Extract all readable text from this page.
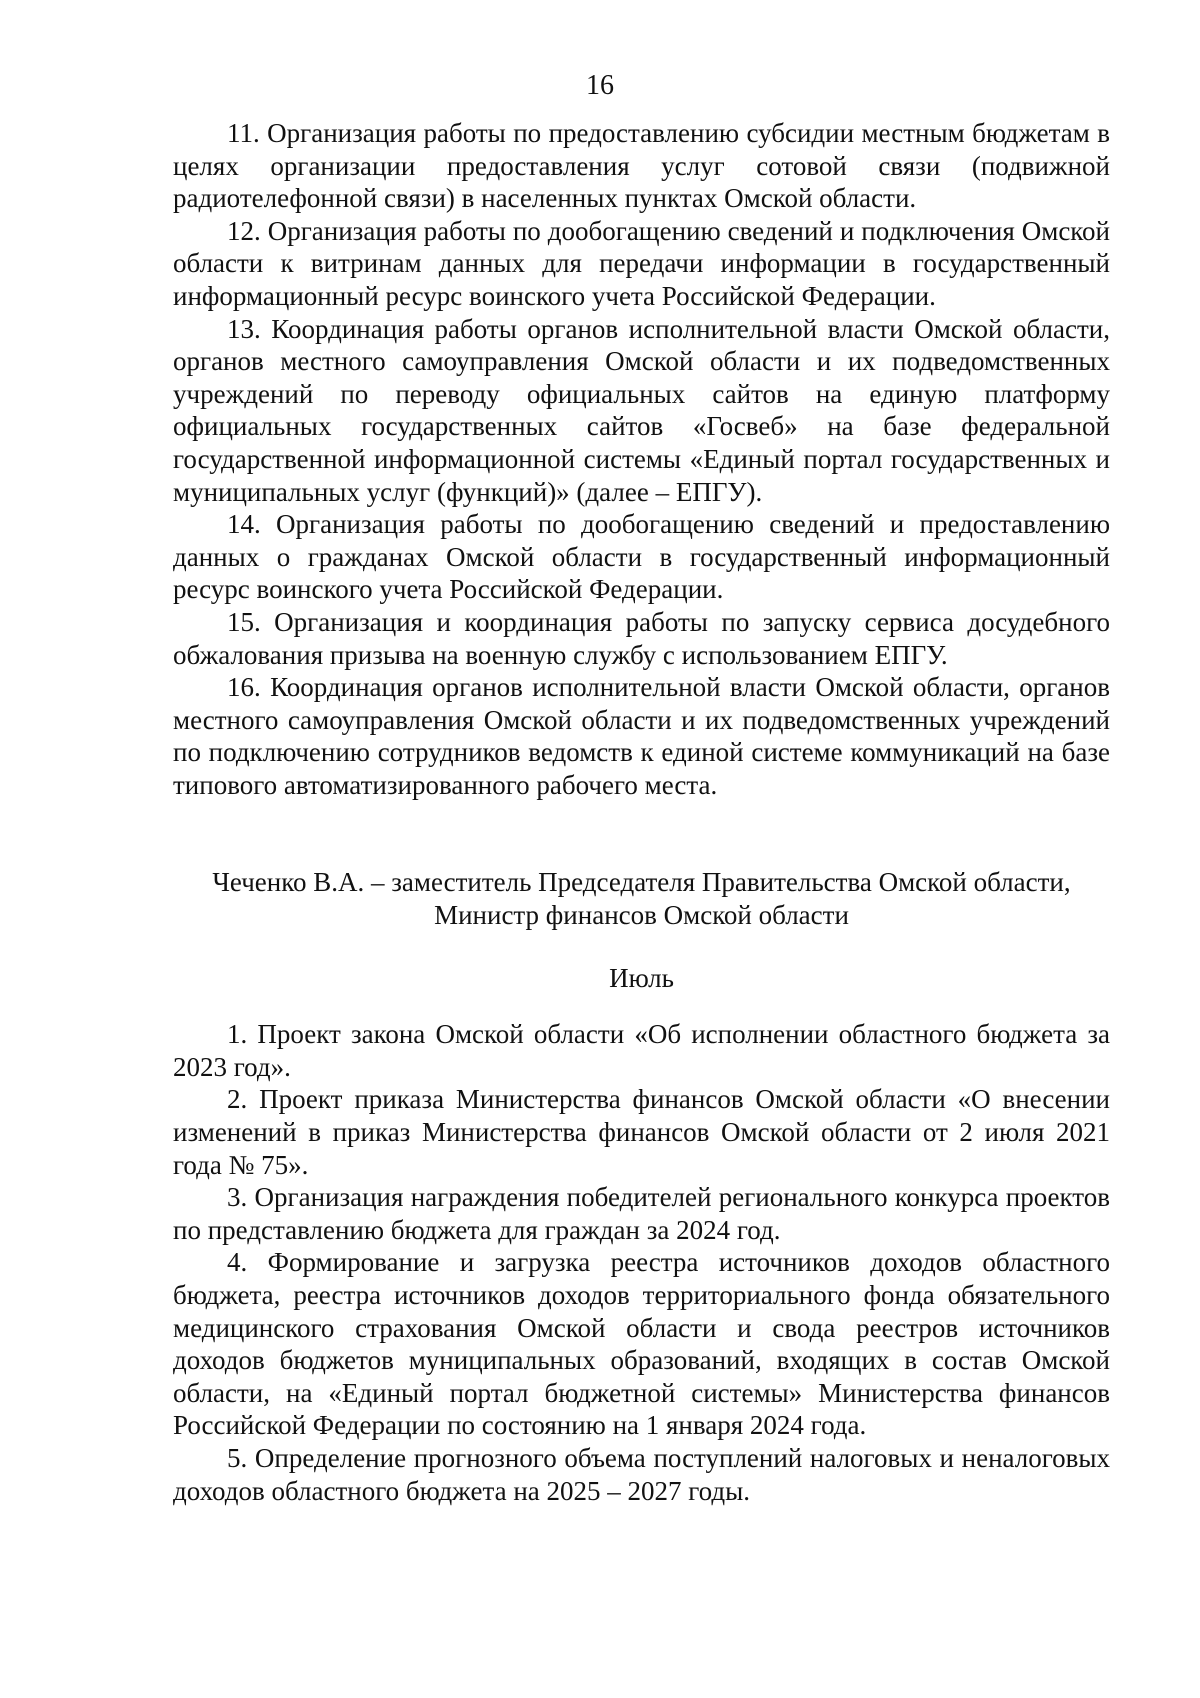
16

11. Организация работы по предоставлению субсидии местным бюджетам в целях организации предоставления услуг сотовой связи (подвижной радиотелефонной связи) в населенных пунктах Омской области.

12. Организация работы по дообогащению сведений и подключения Омской области к витринам данных для передачи информации в государственный информационный ресурс воинского учета Российской Федерации.

13. Координация работы органов исполнительной власти Омской области, органов местного самоуправления Омской области и их подведомственных учреждений по переводу официальных сайтов на единую платформу официальных государственных сайтов «Госвеб» на базе федеральной государственной информационной системы «Единый портал государственных и муниципальных услуг (функций)» (далее – ЕПГУ).

14. Организация работы по дообогащению сведений и предоставлению данных о гражданах Омской области в государственный информационный ресурс воинского учета Российской Федерации.

15. Организация и координация работы по запуску сервиса досудебного обжалования призыва на военную службу с использованием ЕПГУ.

16. Координация органов исполнительной власти Омской области, органов местного самоуправления Омской области и их подведомственных учреждений по подключению сотрудников ведомств к единой системе коммуникаций на базе типового автоматизированного рабочего места.

Чеченко В.А. – заместитель Председателя Правительства Омской области,

Министр финансов Омской области

Июль

1. Проект закона Омской области «Об исполнении областного бюджета за 2023 год».

2. Проект приказа Министерства финансов Омской области «О внесении изменений в приказ Министерства финансов Омской области от 2 июля 2021 года № 75».

3. Организация награждения победителей регионального конкурса проектов по представлению бюджета для граждан за 2024 год.

4. Формирование и загрузка реестра источников доходов областного бюджета, реестра источников доходов территориального фонда обязательного медицинского страхования Омской области и свода реестров источников доходов бюджетов муниципальных образований, входящих в состав Омской области, на «Единый портал бюджетной системы» Министерства финансов Российской Федерации по состоянию на 1 января 2024 года.

5. Определение прогнозного объема поступлений налоговых и неналоговых доходов областного бюджета на 2025 – 2027 годы.
